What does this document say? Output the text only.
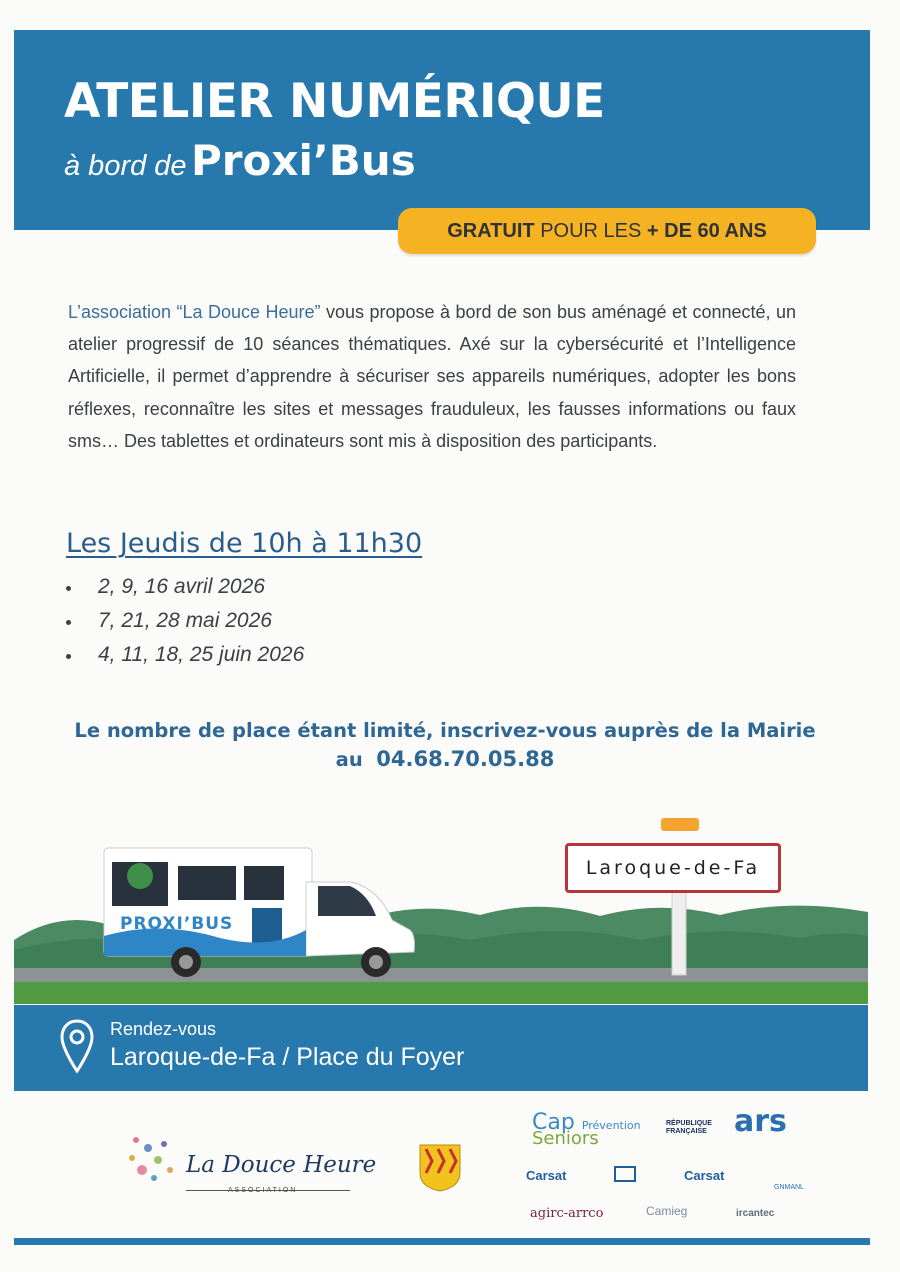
ATELIER NUMÉRIQUE
à bord de Proxi’Bus
GRATUIT
POUR LES
+ DE 60 ANS

L’association “La Douce Heure” vous propose à bord de son bus aménagé et connecté, un atelier progressif de 10 séances thématiques. Axé sur la cybersécurité et l’Intelligence Artificielle, il permet d’apprendre à sécuriser ses appareils numériques, adopter les bons réflexes, reconnaître les sites et messages frauduleux, les fausses informations ou faux sms… Des tablettes et ordinateurs sont mis à disposition des participants.

Les Jeudis de 10h à 11h30
2, 9, 16 avril 2026
7, 21, 28 mai 2026
4, 11, 18, 25 juin 2026

Le nombre de place étant limité, inscrivez-vous auprès de la Mairie
au 04.68.70.05.88

PROXI’BUS
Laroque-de-Fa
Rendez-vous
Laroque-de-Fa / Place du Foyer
La Douce Heure
ASSOCIATION
Cap Prévention
Seniors
RÉPUBLIQUE
FRANÇAISE ars
Carsat	Carsat
GNMANL
agirc-arrco	Camieg	ircantec
